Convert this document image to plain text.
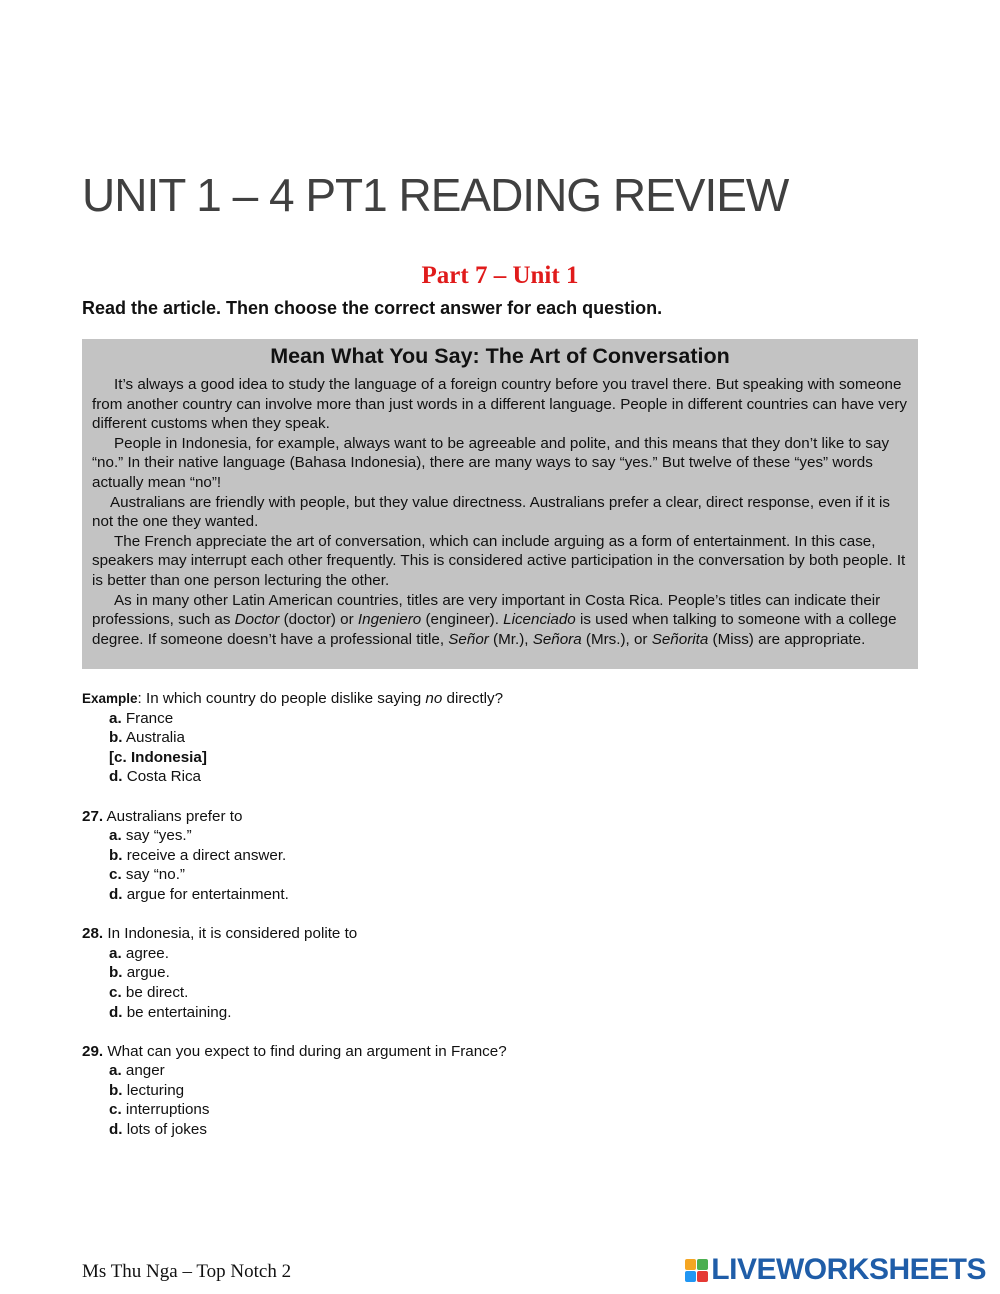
UNIT 1 – 4 PT1 READING REVIEW
Part 7 – Unit 1
Read the article. Then choose the correct answer for each question.
Mean What You Say: The Art of Conversation

It’s always a good idea to study the language of a foreign country before you travel there. But speaking with someone from another country can involve more than just words in a different language. People in different countries can have very different customs when they speak.

People in Indonesia, for example, always want to be agreeable and polite, and this means that they don’t like to say “no.” In their native language (Bahasa Indonesia), there are many ways to say “yes.” But twelve of these “yes” words actually mean “no”!

Australians are friendly with people, but they value directness. Australians prefer a clear, direct response, even if it is not the one they wanted.

The French appreciate the art of conversation, which can include arguing as a form of entertainment. In this case, speakers may interrupt each other frequently. This is considered active participation in the conversation by both people. It is better than one person lecturing the other.

As in many other Latin American countries, titles are very important in Costa Rica. People’s titles can indicate their professions, such as Doctor (doctor) or Ingeniero (engineer). Licenciado is used when talking to someone with a college degree. If someone doesn’t have a professional title, Señor (Mr.), Señora (Mrs.), or Señorita (Miss) are appropriate.

Example: In which country do people dislike saying no directly?

a. France
b. Australia
[c. Indonesia]
d. Costa Rica

27. Australians prefer to

a. say “yes.”
b. receive a direct answer.
c. say “no.”
d. argue for entertainment.

28. In Indonesia, it is considered polite to

a. agree.
b. argue.
c. be direct.
d. be entertaining.

29. What can you expect to find during an argument in France?

a. anger
b. lecturing
c. interruptions
d. lots of jokes
Ms Thu Nga – Top Notch 2	LIVEWORKSHEETS
